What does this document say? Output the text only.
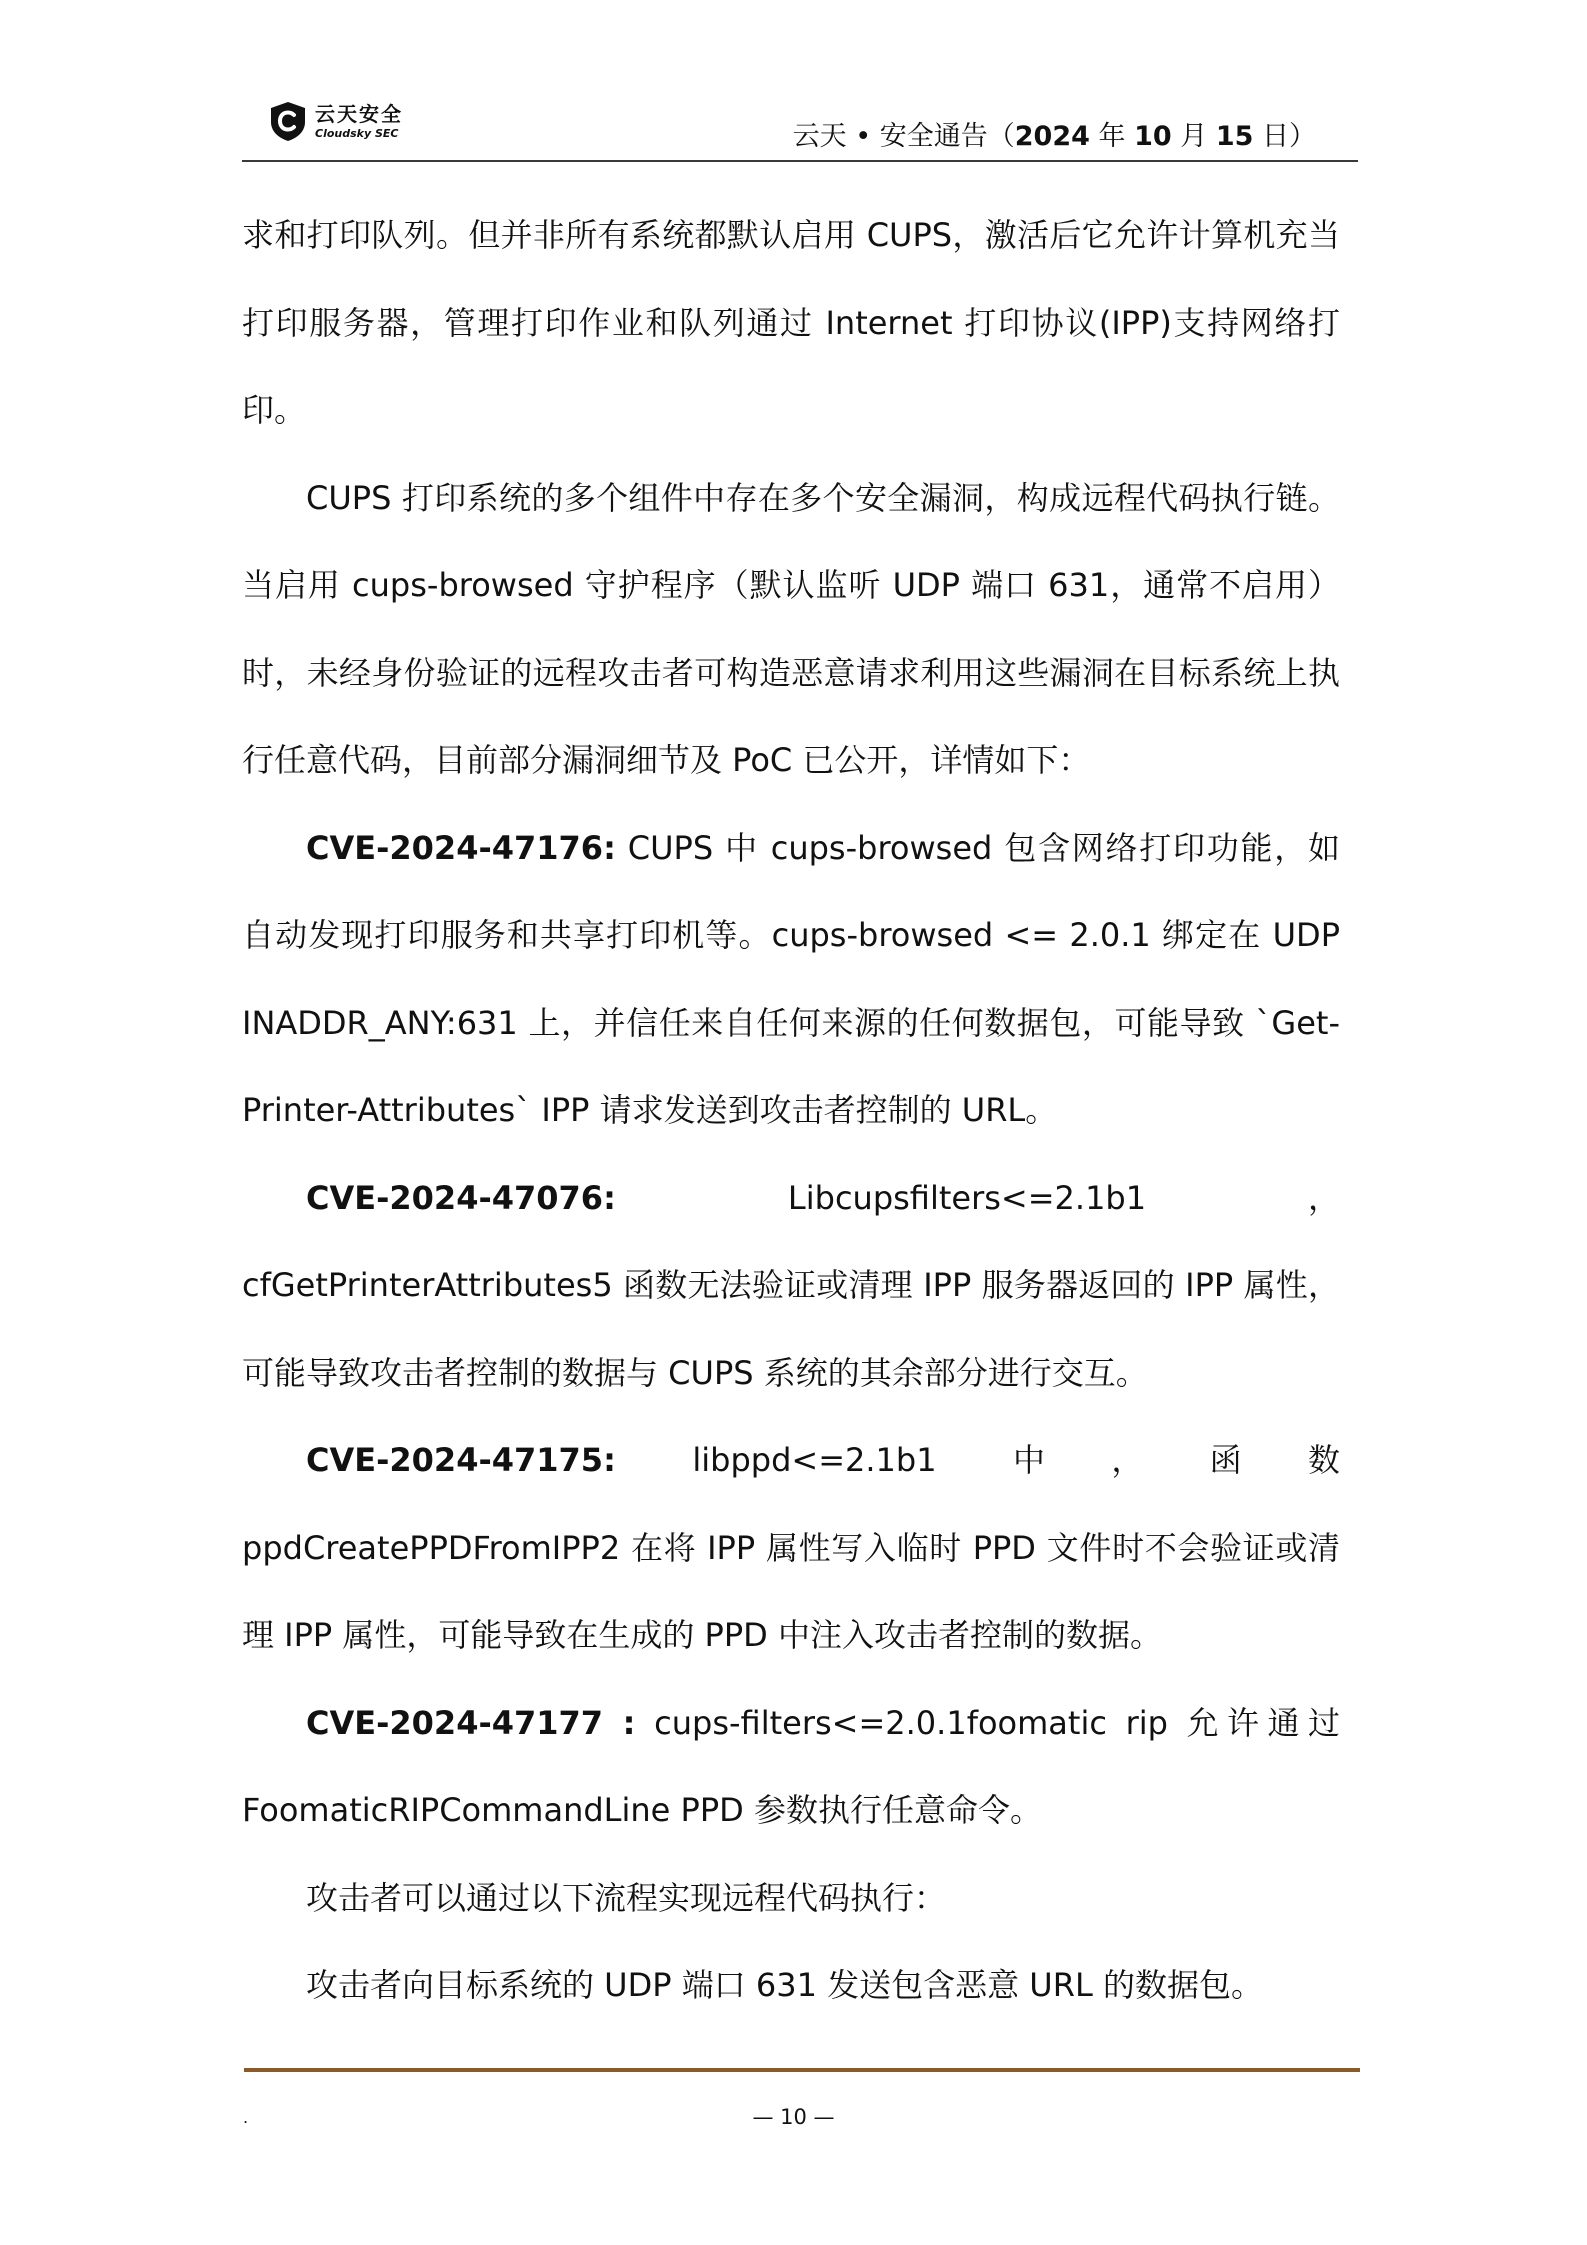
云天安全
Cloudsky SEC	云天 • 安全通告（2024 年 10 月 15 日）

求和打印队列。但并非所有系统都默认启用 CUPS，激活后它允许计算机充当打印服务器，管理打印作业和队列通过 Internet 打印协议(IPP)支持网络打印。

CUPS 打印系统的多个组件中存在多个安全漏洞，构成远程代码执行链。当启用 cups-browsed 守护程序（默认监听 UDP 端口 631，通常不启用）时，未经身份验证的远程攻击者可构造恶意请求利用这些漏洞在目标系统上执行任意代码，目前部分漏洞细节及 PoC 已公开，详情如下：

CVE-2024-47176: CUPS 中 cups-browsed 包含网络打印功能，如自动发现打印服务和共享打印机等。cups-browsed <= 2.0.1 绑定在 UDP INADDR_ANY:631 上，并信任来自任何来源的任何数据包，可能导致 `Get-Printer-Attributes` IPP 请求发送到攻击者控制的 URL。

CVE-2024-47076: Libcupsfilters<=2.1b1，cfGetPrinterAttributes5 函数无法验证或清理 IPP 服务器返回的 IPP 属性，可能导致攻击者控制的数据与 CUPS 系统的其余部分进行交互。

CVE-2024-47175: libppd<=2.1b1 中，函数 ppdCreatePPDFromIPP2 在将 IPP 属性写入临时 PPD 文件时不会验证或清理 IPP 属性，可能导致在生成的 PPD 中注入攻击者控制的数据。

CVE-2024-47177 : cups-filters<=2.0.1foomatic rip 允许通过 FoomaticRIPCommandLine PPD 参数执行任意命令。

攻击者可以通过以下流程实现远程代码执行：

攻击者向目标系统的 UDP 端口 631 发送包含恶意 URL 的数据包。

.	— 10 —
